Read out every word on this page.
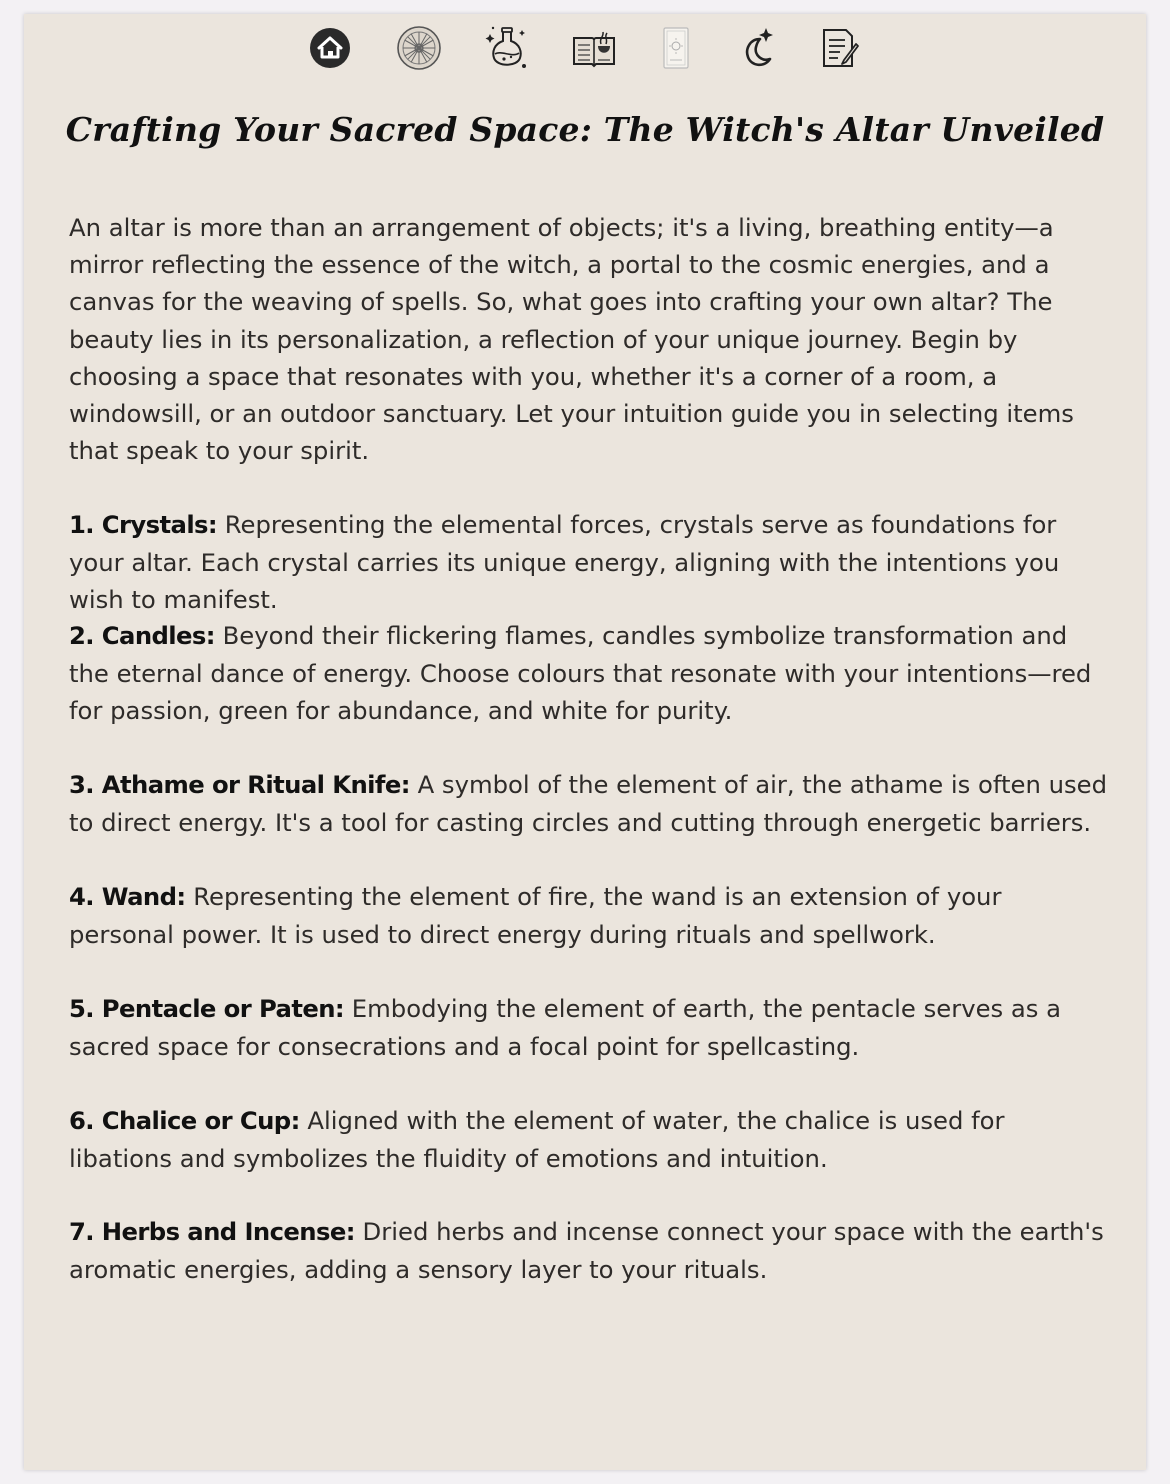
Crafting Your Sacred Space: The Witch's Altar Unveiled

An altar is more than an arrangement of objects; it's a living, breathing entity—a mirror reflecting the essence of the witch, a portal to the cosmic energies, and a canvas for the weaving of spells. So, what goes into crafting your own altar? The beauty lies in its personalization, a reflection of your unique journey. Begin by choosing a space that resonates with you, whether it's a corner of a room, a windowsill, or an outdoor sanctuary. Let your intuition guide you in selecting items that speak to your spirit.

1. Crystals: Representing the elemental forces, crystals serve as foundations for your altar. Each crystal carries its unique energy, aligning with the intentions you wish to manifest.

2. Candles: Beyond their flickering flames, candles symbolize transformation and the eternal dance of energy. Choose colours that resonate with your intentions—red for passion, green for abundance, and white for purity.

3. Athame or Ritual Knife: A symbol of the element of air, the athame is often used to direct energy. It's a tool for casting circles and cutting through energetic barriers.

4. Wand: Representing the element of fire, the wand is an extension of your personal power. It is used to direct energy during rituals and spellwork.

5. Pentacle or Paten: Embodying the element of earth, the pentacle serves as a sacred space for consecrations and a focal point for spellcasting.

6. Chalice or Cup: Aligned with the element of water, the chalice is used for libations and symbolizes the fluidity of emotions and intuition.

7. Herbs and Incense: Dried herbs and incense connect your space with the earth's aromatic energies, adding a sensory layer to your rituals.
